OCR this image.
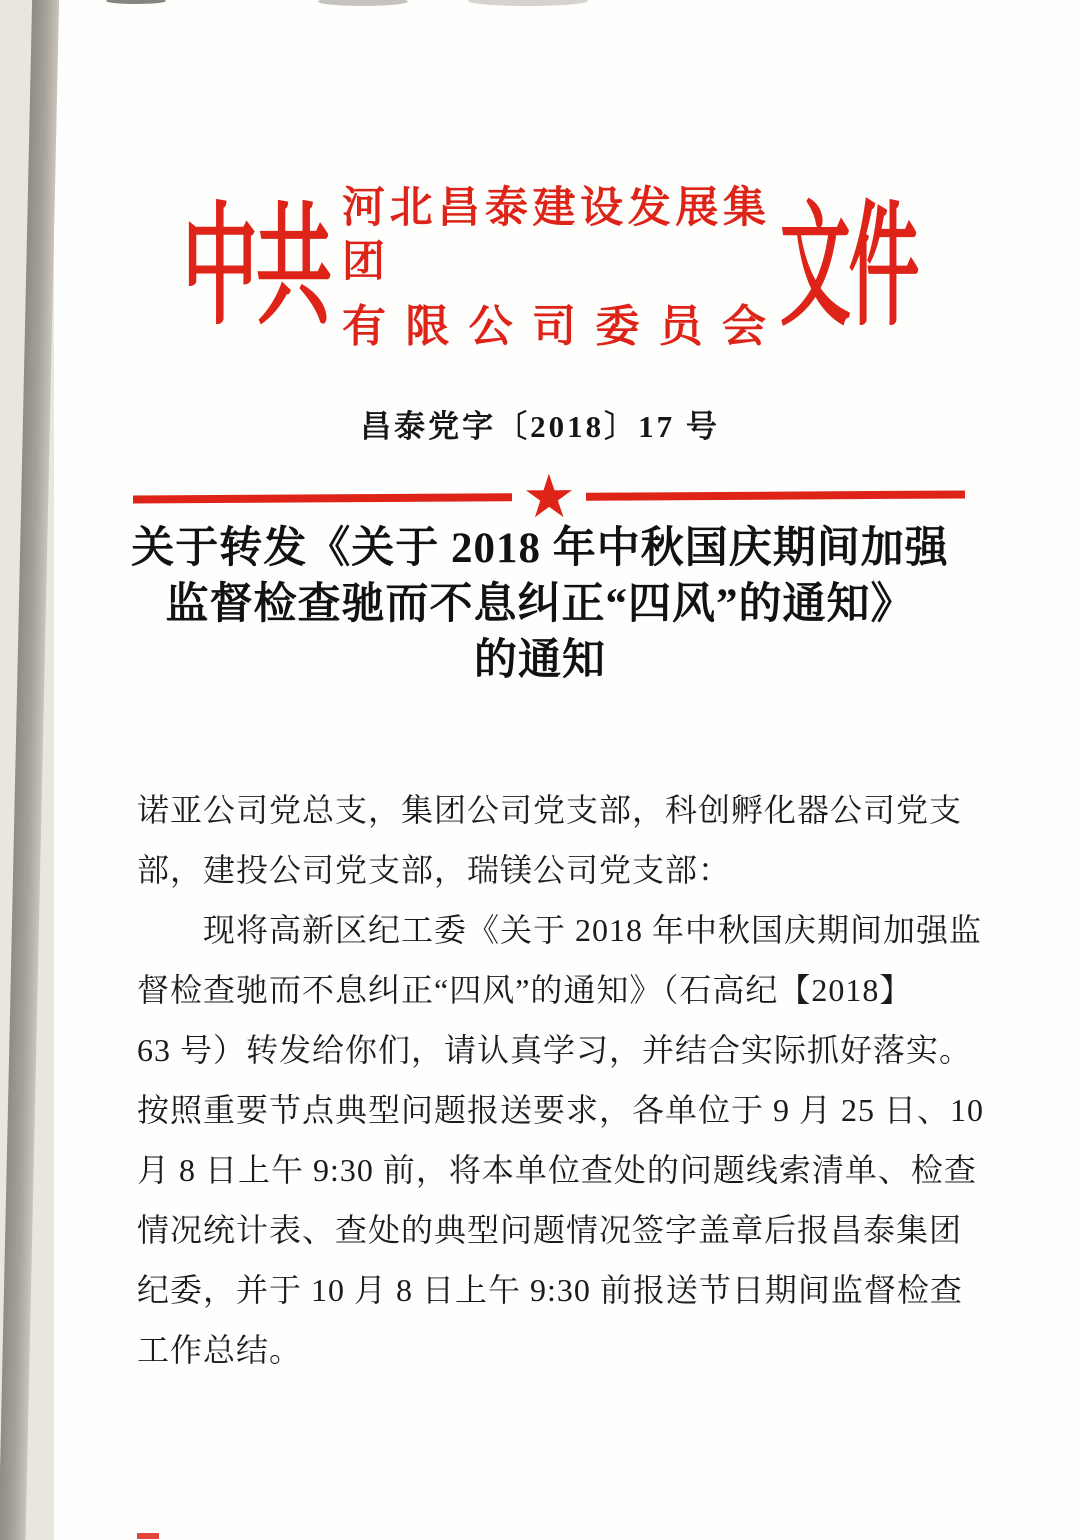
中共 河北昌泰建设发展集团
有限公司委员会 文件
昌泰党字〔2018〕17 号
★
关于转发《关于 2018 年中秋国庆期间加强
监督检查驰而不息纠正“四风”的通知》
的通知
诺亚公司党总支，集团公司党支部，科创孵化器公司党支
部，建投公司党支部，瑞镁公司党支部：
　　现将高新区纪工委《关于 2018 年中秋国庆期间加强监
督检查驰而不息纠正“四风”的通知》（石高纪【2018】
63 号）转发给你们，请认真学习，并结合实际抓好落实。
按照重要节点典型问题报送要求，各单位于 9 月 25 日、10
月 8 日上午 9:30 前，将本单位查处的问题线索清单、检查
情况统计表、查处的典型问题情况签字盖章后报昌泰集团
纪委，并于 10 月 8 日上午 9:30 前报送节日期间监督检查
工作总结。
